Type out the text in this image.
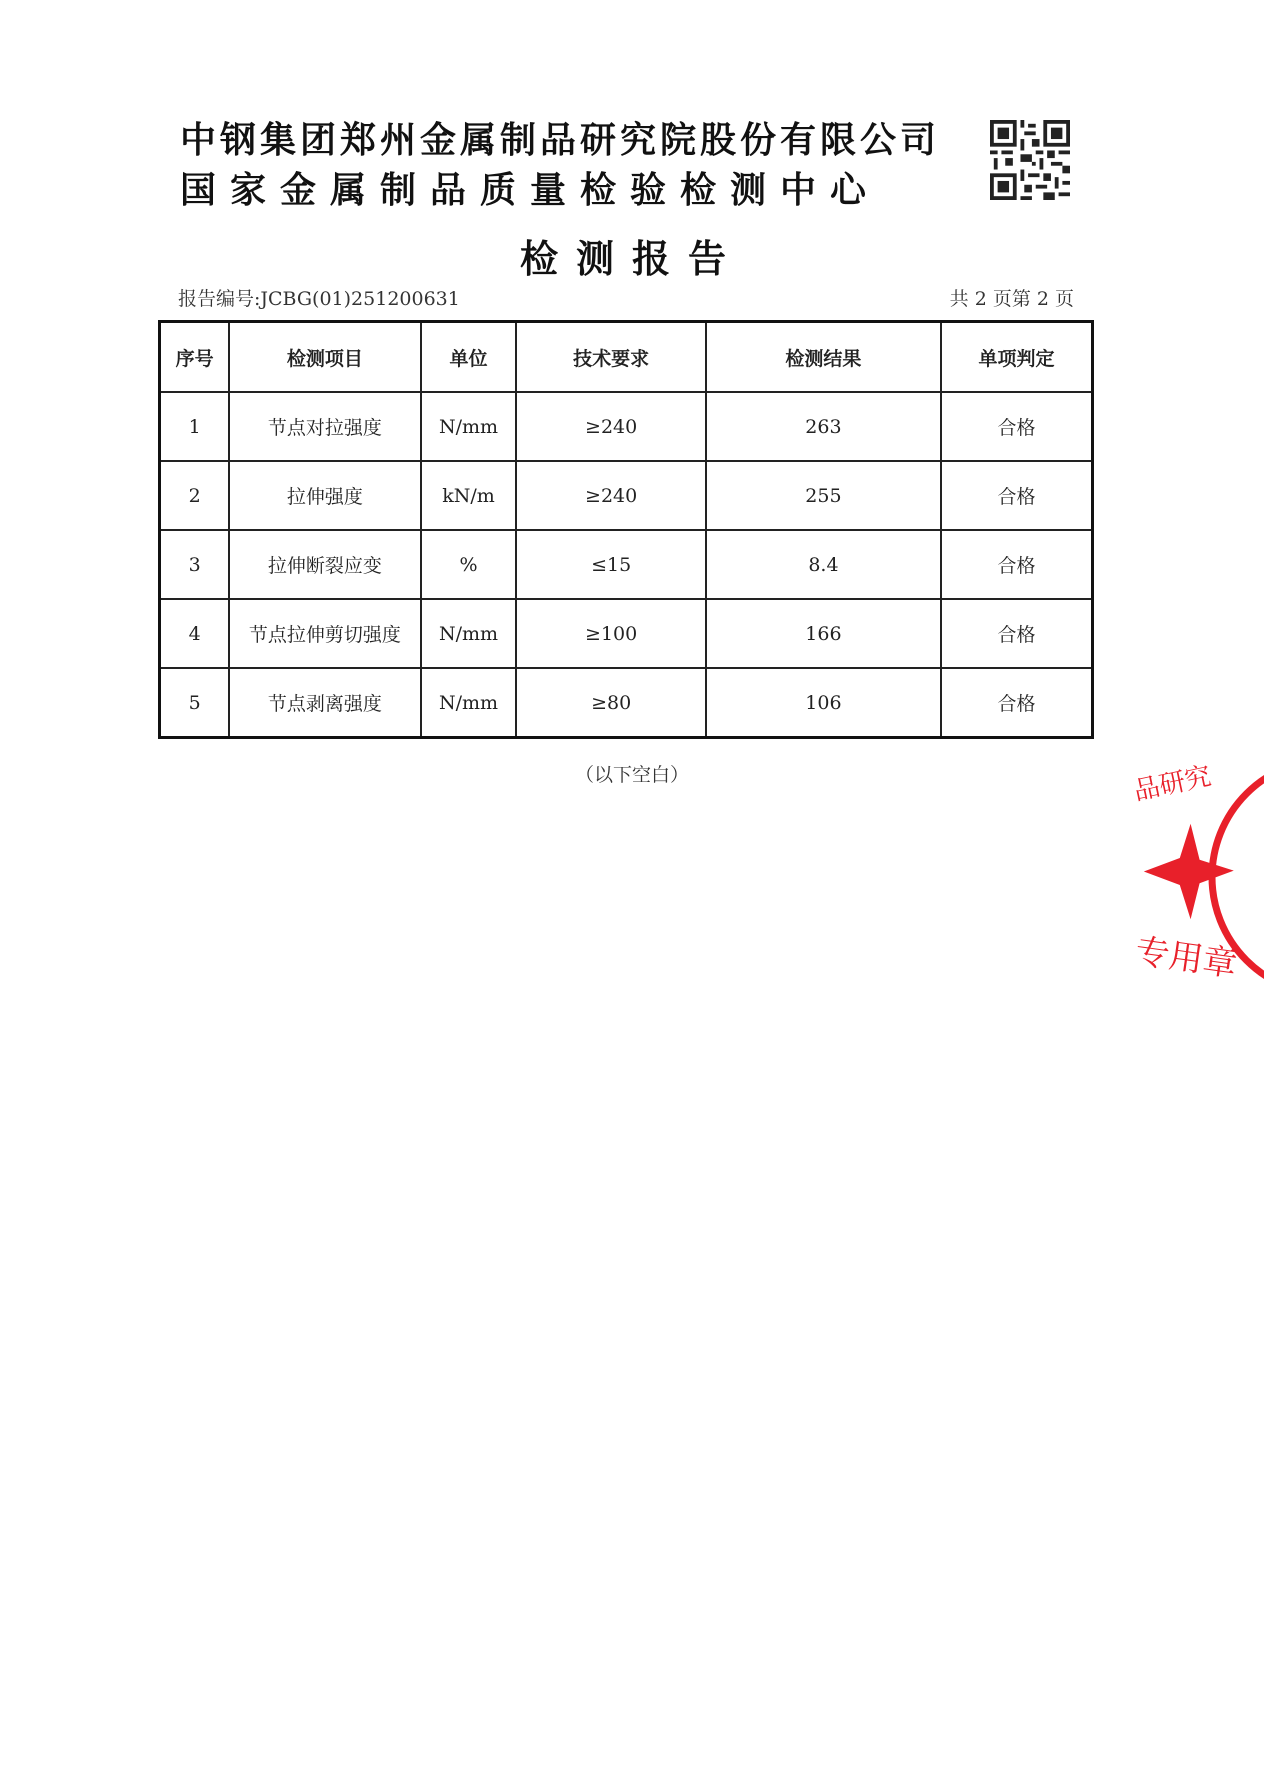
中钢集团郑州金属制品研究院股份有限公司
国家金属制品质量检验检测中心
检测报告
报告编号:JCBG(01)251200631	共 2 页第 2 页
序号	检测项目	单位	技术要求	检测结果	单项判定
1	节点对拉强度	N/mm	≥240	263	合格
2	拉伸强度	kN/m	≥240	255	合格
3	拉伸断裂应变	%	≤15	8.4	合格
4	节点拉伸剪切强度	N/mm	≥100	166	合格
5	节点剥离强度	N/mm	≥80	106	合格
（以下空白）	品研究
专用章
